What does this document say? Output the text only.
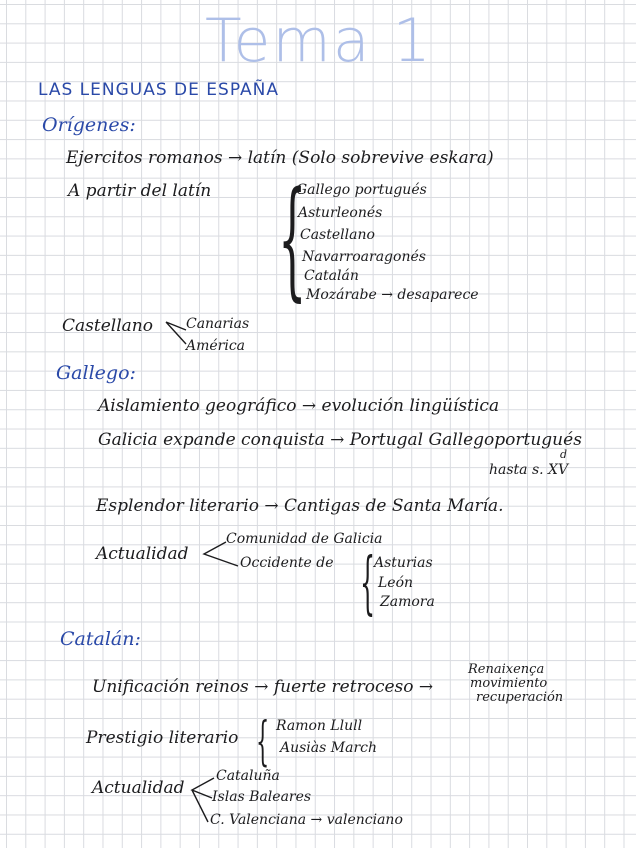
Tema 1
LAS LENGUAS DE ESPAÑA
Orígenes:
Ejercitos romanos → latín (Solo sobrevive eskara)
A partir del latín {
Gallego portugués
Asturleonés
Castellano
Navarroaragonés
Catalán
Mozárabe → desaparece
Castellano Canarias
América
Gallego:
Aislamiento geográfico → evolución lingüística
Galicia expande conquista → Portugal Gallegoportugués
hasta s. XV
d
Esplendor literario → Cantigas de Santa María.
Actualidad
Comunidad de Galicia
Occidente de {
Asturias
León
Zamora
Catalán:
Unificación reinos → fuerte retroceso →
Renaixença
movimiento
recuperación
Prestigio literario { Ramon Llull
Ausiàs March
Actualidad
Cataluña
Islas Baleares
C. Valenciana → valenciano
